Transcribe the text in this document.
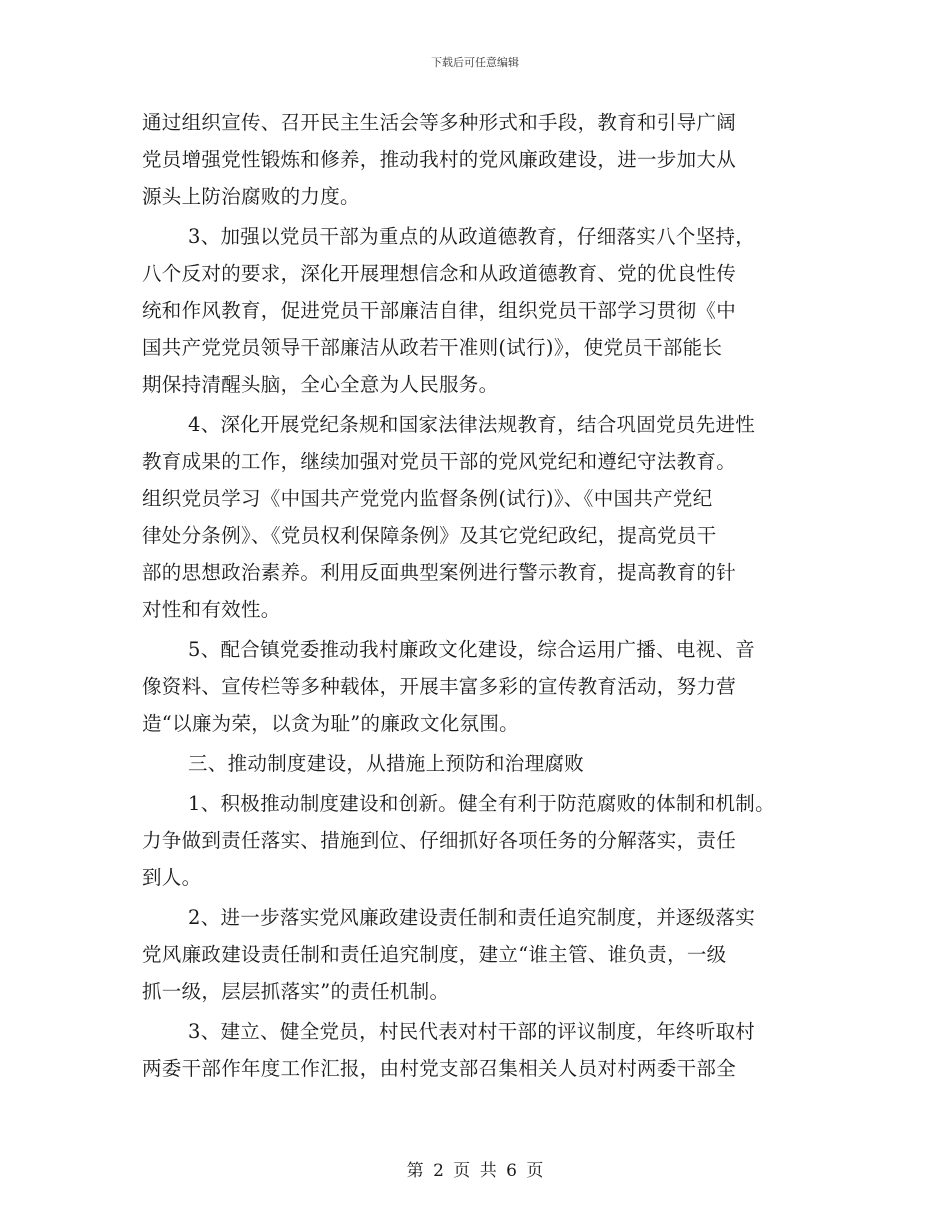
下载后可任意编辑
通过组织宣传、召开民主生活会等多种形式和手段，教育和引导广阔
党员增强党性锻炼和修养，推动我村的党风廉政建设，进一步加大从
源头上防治腐败的力度。
3、加强以党员干部为重点的从政道德教育，仔细落实八个坚持，
八个反对的要求，深化开展理想信念和从政道德教育、党的优良性传
统和作风教育，促进党员干部廉洁自律，组织党员干部学习贯彻《中
国共产党党员领导干部廉洁从政若干准则(试行)》，使党员干部能长
期保持清醒头脑，全心全意为人民服务。
4、深化开展党纪条规和国家法律法规教育，结合巩固党员先进性
教育成果的工作，继续加强对党员干部的党风党纪和遵纪守法教育。
组织党员学习《中国共产党党内监督条例(试行)》、《中国共产党纪
律处分条例》、《党员权利保障条例》及其它党纪政纪，提高党员干
部的思想政治素养。利用反面典型案例进行警示教育，提高教育的针
对性和有效性。
5、配合镇党委推动我村廉政文化建设，综合运用广播、电视、音
像资料、宣传栏等多种载体，开展丰富多彩的宣传教育活动，努力营
造“以廉为荣，以贪为耻”的廉政文化氛围。
三、推动制度建设，从措施上预防和治理腐败
1、积极推动制度建设和创新。健全有利于防范腐败的体制和机制。
力争做到责任落实、措施到位、仔细抓好各项任务的分解落实，责任
到人。
2、进一步落实党风廉政建设责任制和责任追究制度，并逐级落实
党风廉政建设责任制和责任追究制度，建立“谁主管、谁负责，一级
抓一级，层层抓落实”的责任机制。
3、建立、健全党员，村民代表对村干部的评议制度，年终听取村
两委干部作年度工作汇报，由村党支部召集相关人员对村两委干部全
第 2 页 共 6 页
